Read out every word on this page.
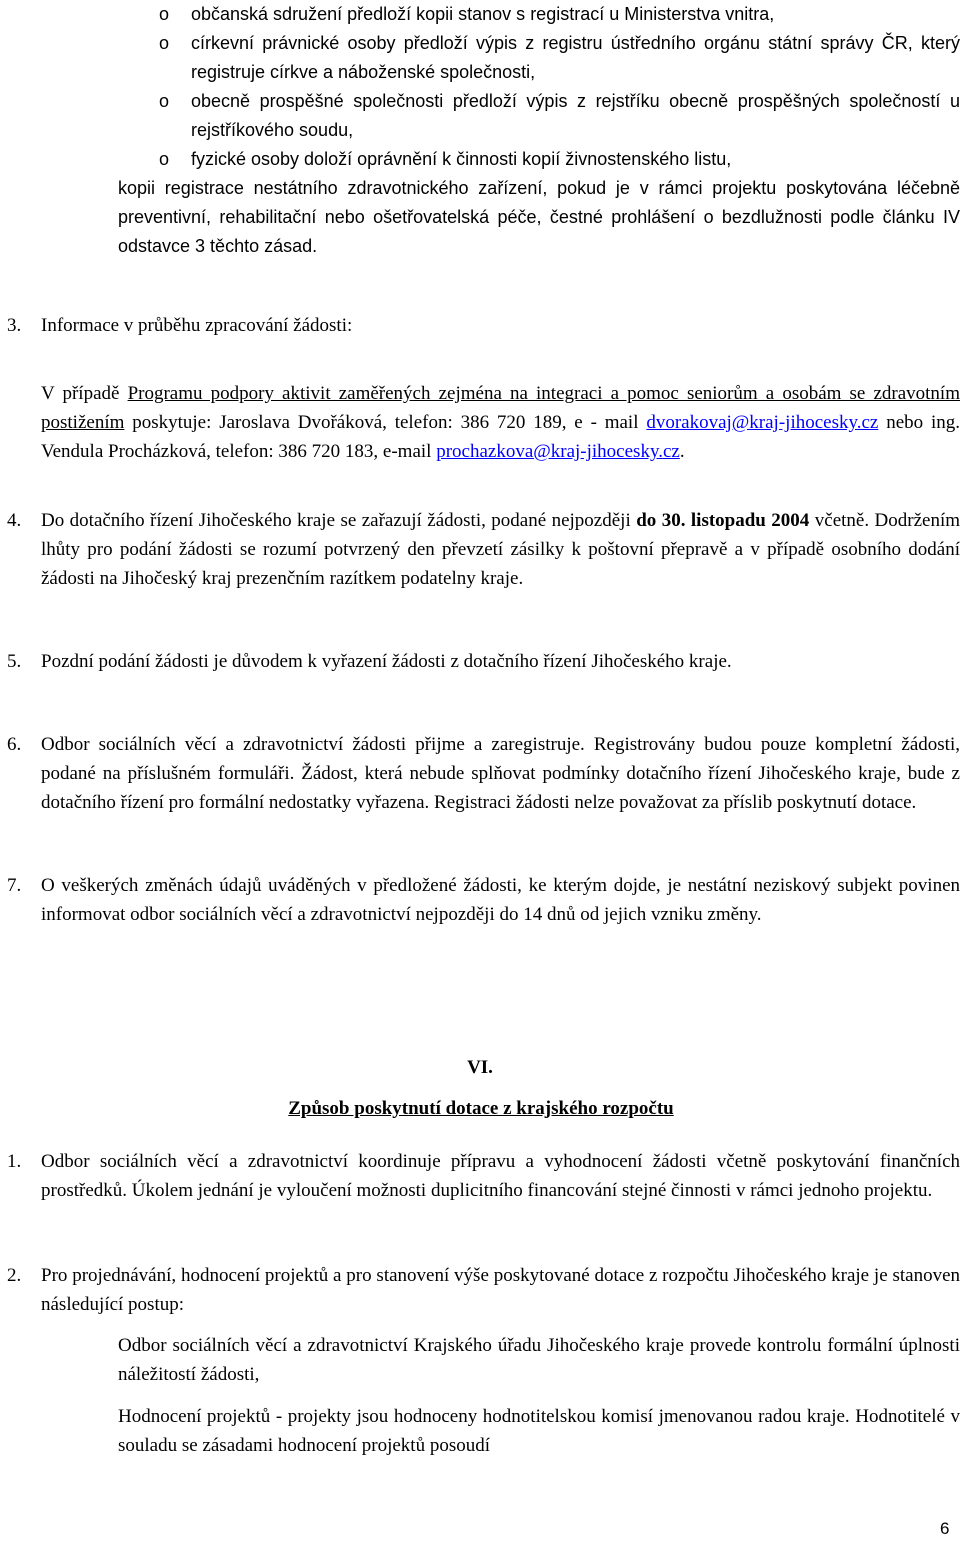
o občanská sdružení předloží kopii stanov s registrací u Ministerstva vnitra,
o církevní právnické osoby předloží výpis z registru ústředního orgánu státní správy ČR, který registruje církve a náboženské společnosti,
o obecně prospěšné společnosti předloží výpis z rejstříku obecně prospěšných společností u rejstříkového soudu,
o fyzické osoby doloží oprávnění k činnosti kopií živnostenského listu,

kopii registrace nestátního zdravotnického zařízení, pokud je v rámci projektu poskytována léčebně preventivní, rehabilitační nebo ošetřovatelská péče, čestné prohlášení o bezdlužnosti podle článku IV odstavce 3 těchto zásad.

3. Informace v průběhu zpracování žádosti:
V případě Programu podpory aktivit zaměřených zejména na integraci a pomoc seniorům a osobám se zdravotním postižením poskytuje: Jaroslava Dvořáková, telefon: 386 720 189, e - mail dvorakovaj@kraj-jihocesky.cz nebo ing. Vendula Procházková, telefon: 386 720 183, e-mail prochazkova@kraj-jihocesky.cz.
4. Do dotačního řízení Jihočeského kraje se zařazují žádosti, podané nejpozději do 30. listopadu 2004 včetně. Dodržením lhůty pro podání žádosti se rozumí potvrzený den převzetí zásilky k poštovní přepravě a v případě osobního dodání žádosti na Jihočeský kraj prezenčním razítkem podatelny kraje.
5. Pozdní podání žádosti je důvodem k vyřazení žádosti z dotačního řízení Jihočeského kraje.
6. Odbor sociálních věcí a zdravotnictví žádosti přijme a zaregistruje. Registrovány budou pouze kompletní žádosti, podané na příslušném formuláři. Žádost, která nebude splňovat podmínky dotačního řízení Jihočeského kraje, bude z dotačního řízení pro formální nedostatky vyřazena. Registraci žádosti nelze považovat za příslib poskytnutí dotace.
7. O veškerých změnách údajů uváděných v předložené žádosti, ke kterým dojde, je nestátní neziskový subjekt povinen informovat odbor sociálních věcí a zdravotnictví nejpozději do 14 dnů od jejich vzniku změny.
VI.
Způsob poskytnutí dotace z krajského rozpočtu
1. Odbor sociálních věcí a zdravotnictví koordinuje přípravu a vyhodnocení žádosti včetně poskytování finančních prostředků. Úkolem jednání je vyloučení možnosti duplicitního financování stejné činnosti v rámci jednoho projektu.
2. Pro projednávání, hodnocení projektů a pro stanovení výše poskytované dotace z rozpočtu Jihočeského kraje je stanoven následující postup:

Odbor sociálních věcí a zdravotnictví Krajského úřadu Jihočeského kraje provede kontrolu formální úplnosti náležitostí žádosti,

Hodnocení projektů - projekty jsou hodnoceny hodnotitelskou komisí jmenovanou radou kraje. Hodnotitelé v souladu se zásadami hodnocení projektů posoudí

6
